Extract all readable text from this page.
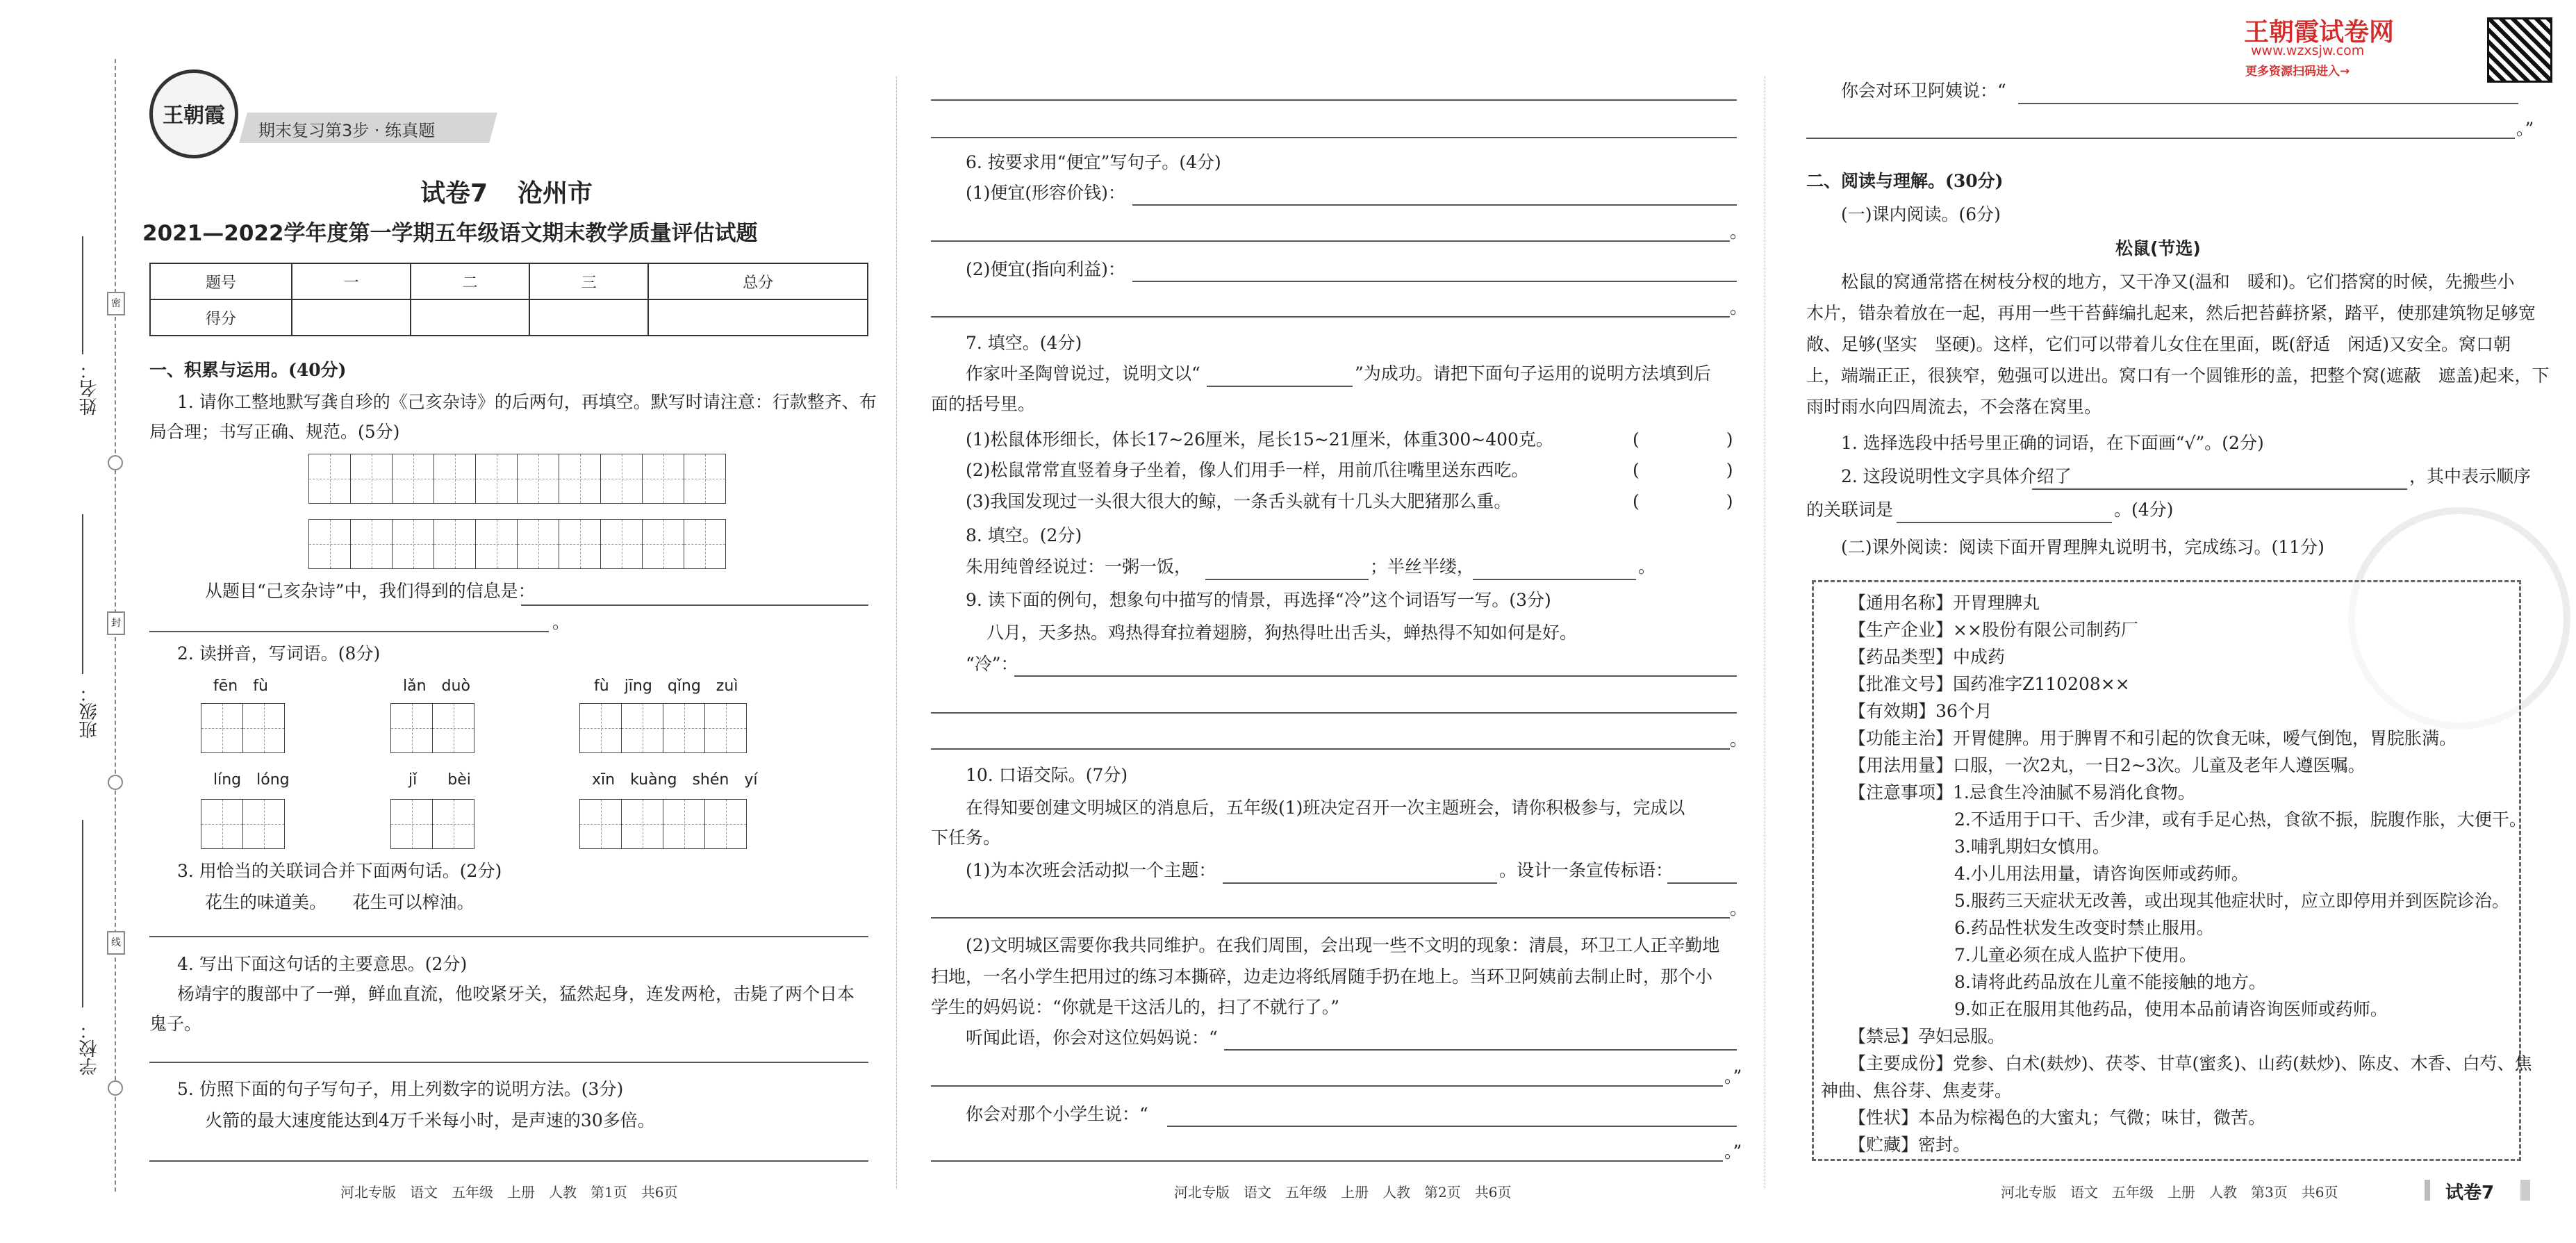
姓名：
班级：
学校：
密
封
线
王朝霞
期末复习第3步 · 练真题
试卷7 沧州市
2021—2022学年度第一学期五年级语文期末教学质量评估试题
题号	一	二	三	总分
得分				
一、积累与运用。(40分)
1. 请你工整地默写龚自珍的《己亥杂诗》的后两句，再填空。默写时请注意：行款整齐、布
局合理；书写正确、规范。(5分)
从题目“己亥杂诗”中，我们得到的信息是：
。
2. 读拼音，写词语。(8分)
fēn　fù	lǎn　duò	fù　jīng　qǐng　zuì
líng　lóng	jǐ　　bèi	xīn　kuàng　shén　yí
3. 用恰当的关联词合并下面两句话。(2分)
花生的味道美。　　花生可以榨油。
4. 写出下面这句话的主要意思。(2分)
杨靖宇的腹部中了一弹，鲜血直流，他咬紧牙关，猛然起身，连发两枪，击毙了两个日本
鬼子。
5. 仿照下面的句子写句子，用上列数字的说明方法。(3分)
火箭的最大速度能达到4万千米每小时，是声速的30多倍。
河北专版　语文　五年级　上册　人教　第1页　共6页
6. 按要求用“便宜”写句子。(4分)
(1)便宜(形容价钱)：
。
(2)便宜(指向利益)：
。
7. 填空。(4分)
作家叶圣陶曾说过，说明文以“	”为成功。请把下面句子运用的说明方法填到后
面的括号里。
(1)松鼠体形细长，体长17~26厘米，尾长15~21厘米，体重300~400克。	(　　　　　)
(2)松鼠常常直竖着身子坐着，像人们用手一样，用前爪往嘴里送东西吃。	(　　　　　)
(3)我国发现过一头很大很大的鲸，一条舌头就有十几头大肥猪那么重。	(　　　　　)
8. 填空。(2分)
朱用纯曾经说过：一粥一饭，	；半丝半缕，	。
9. 读下面的例句，想象句中描写的情景，再选择“冷”这个词语写一写。(3分)
八月，天多热。鸡热得耷拉着翅膀，狗热得吐出舌头，蝉热得不知如何是好。
“冷”：
。
10. 口语交际。(7分)
在得知要创建文明城区的消息后，五年级(1)班决定召开一次主题班会，请你积极参与，完成以
下任务。
(1)为本次班会活动拟一个主题：	。设计一条宣传标语：
。
(2)文明城区需要你我共同维护。在我们周围，会出现一些不文明的现象：清晨，环卫工人正辛勤地
扫地，一名小学生把用过的练习本撕碎，边走边将纸屑随手扔在地上。当环卫阿姨前去制止时，那个小
学生的妈妈说：“你就是干这活儿的，扫了不就行了。”
听闻此语，你会对这位妈妈说：“
。”
你会对那个小学生说：“
。”
河北专版　语文　五年级　上册　人教　第2页　共6页
王朝霞试卷网
www.wzxsjw.com
更多资源扫码进入→
你会对环卫阿姨说：“
。”
二、阅读与理解。(30分)
(一)课内阅读。(6分)
松鼠(节选)
松鼠的窝通常搭在树枝分杈的地方，又干净又(温和　暖和)。它们搭窝的时候，先搬些小
木片，错杂着放在一起，再用一些干苔藓编扎起来，然后把苔藓挤紧，踏平，使那建筑物足够宽
敞、足够(坚实　坚硬)。这样，它们可以带着儿女住在里面，既(舒适　闲适)又安全。窝口朝
上，端端正正，很狭窄，勉强可以进出。窝口有一个圆锥形的盖，把整个窝(遮蔽　遮盖)起来，下
雨时雨水向四周流去，不会落在窝里。
1. 选择选段中括号里正确的词语，在下面画“√”。(2分)
2. 这段说明性文字具体介绍了	，其中表示顺序
的关联词是	。(4分)
(二)课外阅读：阅读下面开胃理脾丸说明书，完成练习。(11分)
【通用名称】开胃理脾丸
【生产企业】××股份有限公司制药厂
【药品类型】中成药
【批准文号】国药准字Z110208××
【有效期】36个月
【功能主治】开胃健脾。用于脾胃不和引起的饮食无味，嗳气倒饱，胃脘胀满。
【用法用量】口服，一次2丸，一日2~3次。儿童及老年人遵医嘱。
【注意事项】1.忌食生冷油腻不易消化食物。
2.不适用于口干、舌少津，或有手足心热，食欲不振，脘腹作胀，大便干。
3.哺乳期妇女慎用。
4.小儿用法用量，请咨询医师或药师。
5.服药三天症状无改善，或出现其他症状时，应立即停用并到医院诊治。
6.药品性状发生改变时禁止服用。
7.儿童必须在成人监护下使用。
8.请将此药品放在儿童不能接触的地方。
9.如正在服用其他药品，使用本品前请咨询医师或药师。
【禁忌】孕妇忌服。
【主要成份】党参、白术(麸炒)、茯苓、甘草(蜜炙)、山药(麸炒)、陈皮、木香、白芍、焦
神曲、焦谷芽、焦麦芽。
【性状】本品为棕褐色的大蜜丸；气微；味甘，微苦。
【贮藏】密封。
河北专版　语文　五年级　上册　人教　第3页　共6页	试卷7
